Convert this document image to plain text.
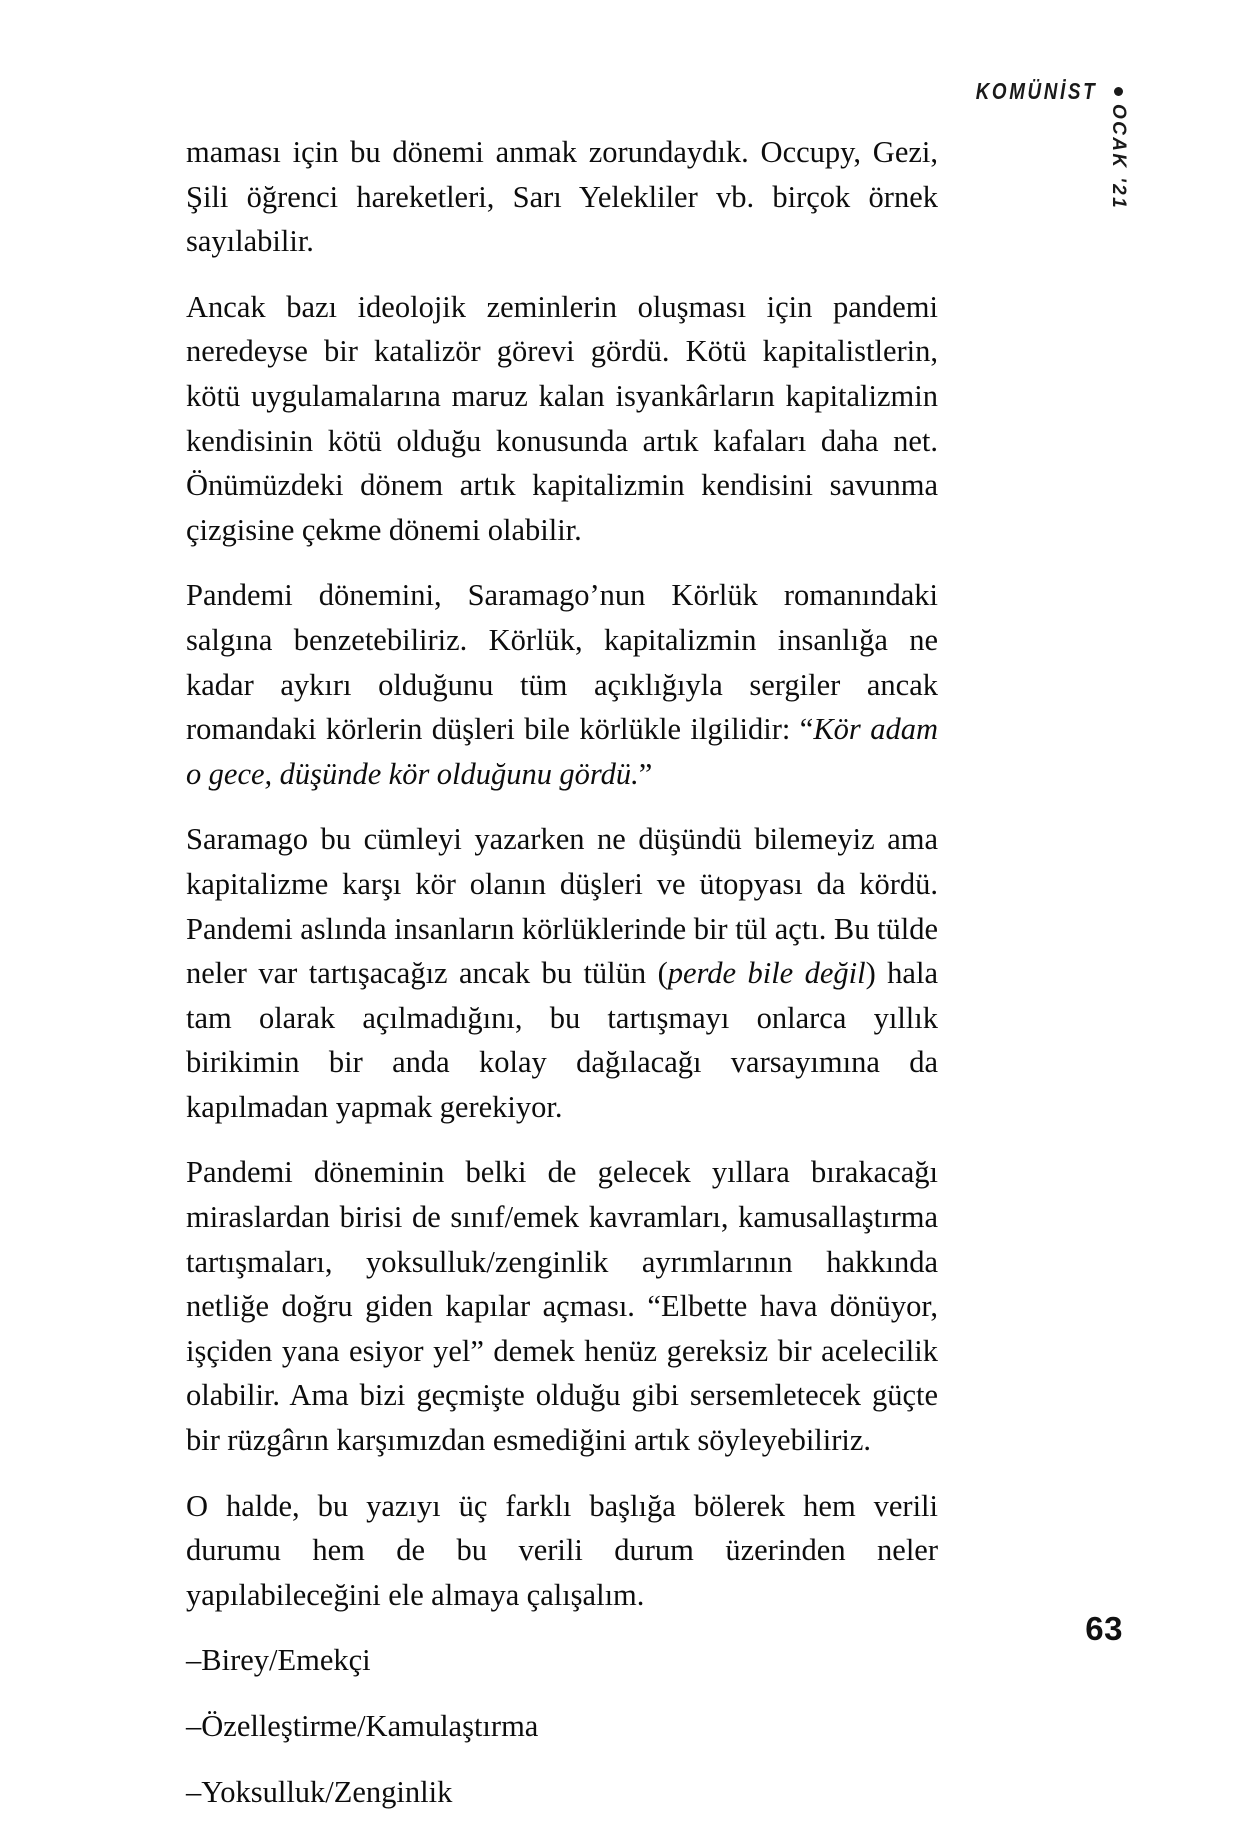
KOMÜNİST
OCAK '21

maması için bu dönemi anmak zorundaydık. Occupy, Gezi, Şili öğrenci hareketleri, Sarı Yelekliler vb. birçok örnek sayılabilir.

Ancak bazı ideolojik zeminlerin oluşması için pandemi neredeyse bir katalizör görevi gördü. Kötü kapitalistlerin, kötü uygulamalarına maruz kalan isyankârların kapitalizmin kendisinin kötü olduğu konusunda artık kafaları daha net. Önümüzdeki dönem artık kapitalizmin kendisini savunma çizgisine çekme dönemi olabilir.

Pandemi dönemini, Saramago’nun Körlük romanındaki salgına benzetebiliriz. Körlük, kapitalizmin insanlığa ne kadar aykırı olduğunu tüm açıklığıyla sergiler ancak romandaki körlerin düşleri bile körlükle ilgilidir: “Kör adam o gece, düşünde kör olduğunu gördü.”

Saramago bu cümleyi yazarken ne düşündü bilemeyiz ama kapitalizme karşı kör olanın düşleri ve ütopyası da kördü. Pandemi aslında insanların körlüklerinde bir tül açtı. Bu tülde neler var tartışacağız ancak bu tülün (perde bile değil) hala tam olarak açılmadığını, bu tartışmayı onlarca yıllık birikimin bir anda kolay dağılacağı varsayımına da kapılmadan yapmak gerekiyor.

Pandemi döneminin belki de gelecek yıllara bırakacağı miraslardan birisi de sınıf/emek kavramları, kamusallaştırma tartışmaları, yoksulluk/zenginlik ayrımlarının hakkında netliğe doğru giden kapılar açması. “Elbette hava dönüyor, işçiden yana esiyor yel” demek henüz gereksiz bir acelecilik olabilir. Ama bizi geçmişte olduğu gibi sersemletecek güçte bir rüzgârın karşımızdan esmediğini artık söyleyebiliriz.

O halde, bu yazıyı üç farklı başlığa bölerek hem verili durumu hem de bu verili durum üzerinden neler yapılabileceğini ele almaya çalışalım.

–Birey/Emekçi
–Özelleştirme/Kamulaştırma
–Yoksulluk/Zenginlik
63
